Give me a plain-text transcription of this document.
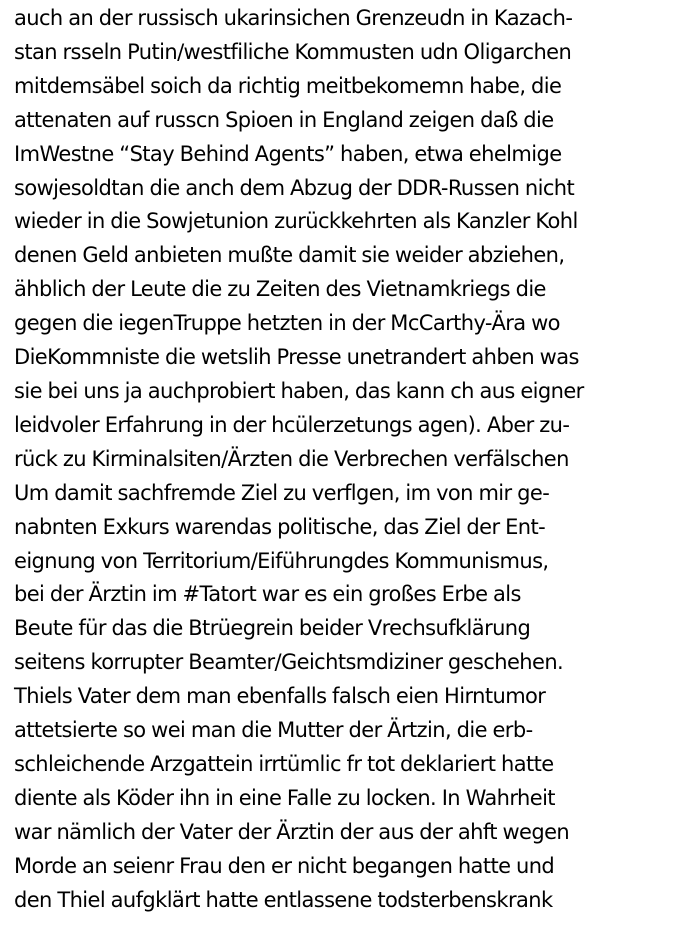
auch an der russisch ukarinsichen Grenzeudn in Kazach-
stan rsseln Putin/westfiliche Kommusten udn Oligarchen
mitdemsäbel soich da richtig meitbekomemn habe, die
attenaten auf russcn Spioen in England zeigen daß die
ImWestne “Stay Behind Agents” haben, etwa ehelmige
sowjesoldtan die anch dem Abzug der DDR-Russen nicht
wieder in die Sowjetunion zurückkehrten als Kanzler Kohl
denen Geld anbieten mußte damit sie weider abziehen,
ähblich der Leute die zu Zeiten des Vietnamkriegs die
gegen die iegenTruppe hetzten in der McCarthy-Ära wo
DieKommniste die wetslih Presse unetrandert ahben was
sie bei uns ja auchprobiert haben, das kann ch aus eigner
leidvoler Erfahrung in der hcülerzetungs agen). Aber zu-
rück zu Kirminalsiten/Ärzten die Verbrechen verfälschen
Um damit sachfremde Ziel zu verflgen, im von mir ge-
nabnten Exkurs warendas politische, das Ziel der Ent-
eignung von Territorium/Eiführungdes Kommunismus,
bei der Ärztin im #Tatort war es ein großes Erbe als
Beute für das die Btrüegrein beider Vrechsufklärung
seitens korrupter Beamter/Geichtsmdiziner geschehen.
Thiels Vater dem man ebenfalls falsch eien Hirntumor
attetsierte so wei man die Mutter der Ärtzin, die erb-
schleichende Arzgattein irrtümlic fr tot deklariert hatte
diente als Köder ihn in eine Falle zu locken. In Wahrheit
war nämlich der Vater der Ärztin der aus der ahft wegen
Morde an seienr Frau den er nicht begangen hatte und
den Thiel aufgklärt hatte entlassene todsterbenskrank
